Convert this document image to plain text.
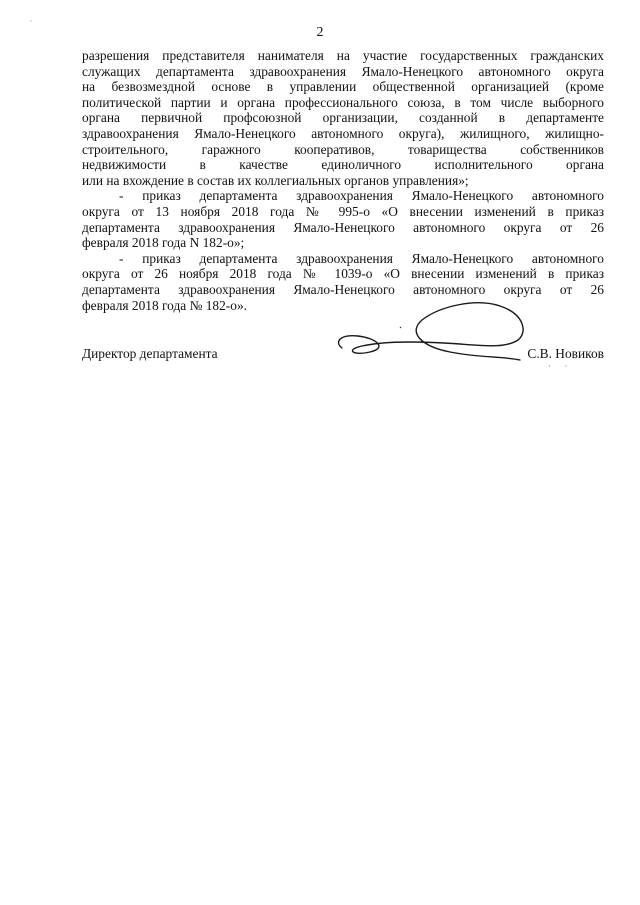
ʻ
2
разрешения представителя нанимателя на участие государственных гражданских
служащих департамента здравоохранения Ямало-Ненецкого автономного округа
на безвозмездной основе в управлении общественной организацией (кроме
политической партии и органа профессионального союза, в том числе выборного
органа первичной профсоюзной организации, созданной в департаменте
здравоохранения Ямало-Ненецкого автономного округа), жилищного, жилищно-
строительного, гаражного кооперативов, товарищества собственников
недвижимости в качестве единоличного исполнительного органа
или на вхождение в состав их коллегиальных органов управления»;
- приказ департамента здравоохранения Ямало-Ненецкого автономного
округа от 13 ноября 2018 года № 995-о «О внесении изменений в приказ
департамента здравоохранения Ямало-Ненецкого автономного округа от 26
февраля 2018 года N 182-о»;
- приказ департамента здравоохранения Ямало-Ненецкого автономного
округа от 26 ноября 2018 года № 1039-о «О внесении изменений в приказ
департамента здравоохранения Ямало-Ненецкого автономного округа от 26
февраля 2018 года № 182-о».
Директор департамента	С.В. Новиков
· ·
